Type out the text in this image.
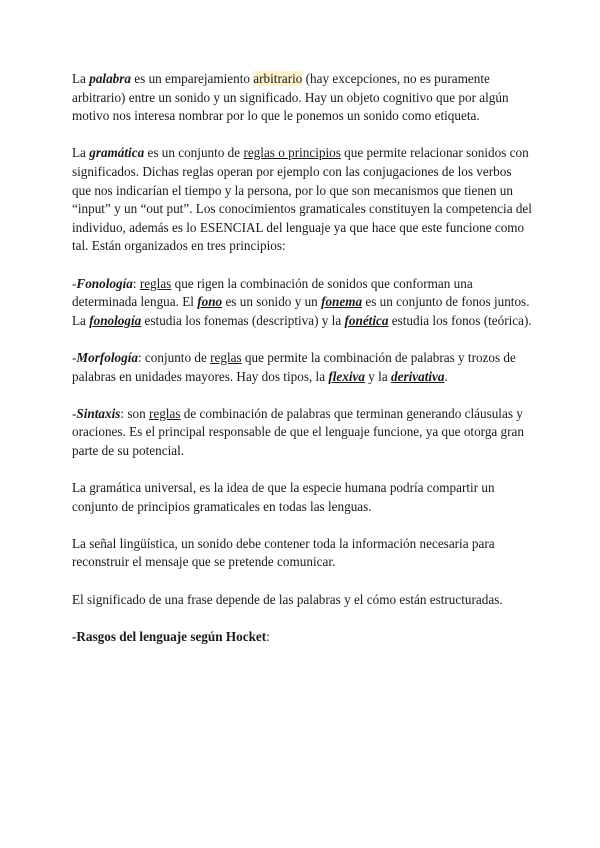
La palabra es un emparejamiento arbitrario (hay excepciones, no es puramente arbitrario) entre un sonido y un significado. Hay un objeto cognitivo que por algún motivo nos interesa nombrar por lo que le ponemos un sonido como etiqueta.

La gramática es un conjunto de reglas o principios que permite relacionar sonidos con significados. Dichas reglas operan por ejemplo con las conjugaciones de los verbos que nos indicarían el tiempo y la persona, por lo que son mecanismos que tienen un “input” y un “out put”. Los conocimientos gramaticales constituyen la competencia del individuo, además es lo ESENCIAL del lenguaje ya que hace que este funcione como tal. Están organizados en tres principios:

-Fonología: reglas que rigen la combinación de sonidos que conforman una determinada lengua. El fono es un sonido y un fonema es un conjunto de fonos juntos. La fonología estudia los fonemas (descriptiva) y la fonética estudia los fonos (teórica).

-Morfología: conjunto de reglas que permite la combinación de palabras y trozos de palabras en unidades mayores. Hay dos tipos, la flexiva y la derivativa.

-Sintaxis: son reglas de combinación de palabras que terminan generando cláusulas y oraciones. Es el principal responsable de que el lenguaje funcione, ya que otorga gran parte de su potencial.

La gramática universal, es la idea de que la especie humana podría compartir un conjunto de principios gramaticales en todas las lenguas.

La señal lingüística, un sonido debe contener toda la información necesaria para reconstruir el mensaje que se pretende comunicar.

El significado de una frase depende de las palabras y el cómo están estructuradas.

-Rasgos del lenguaje según Hocket:
